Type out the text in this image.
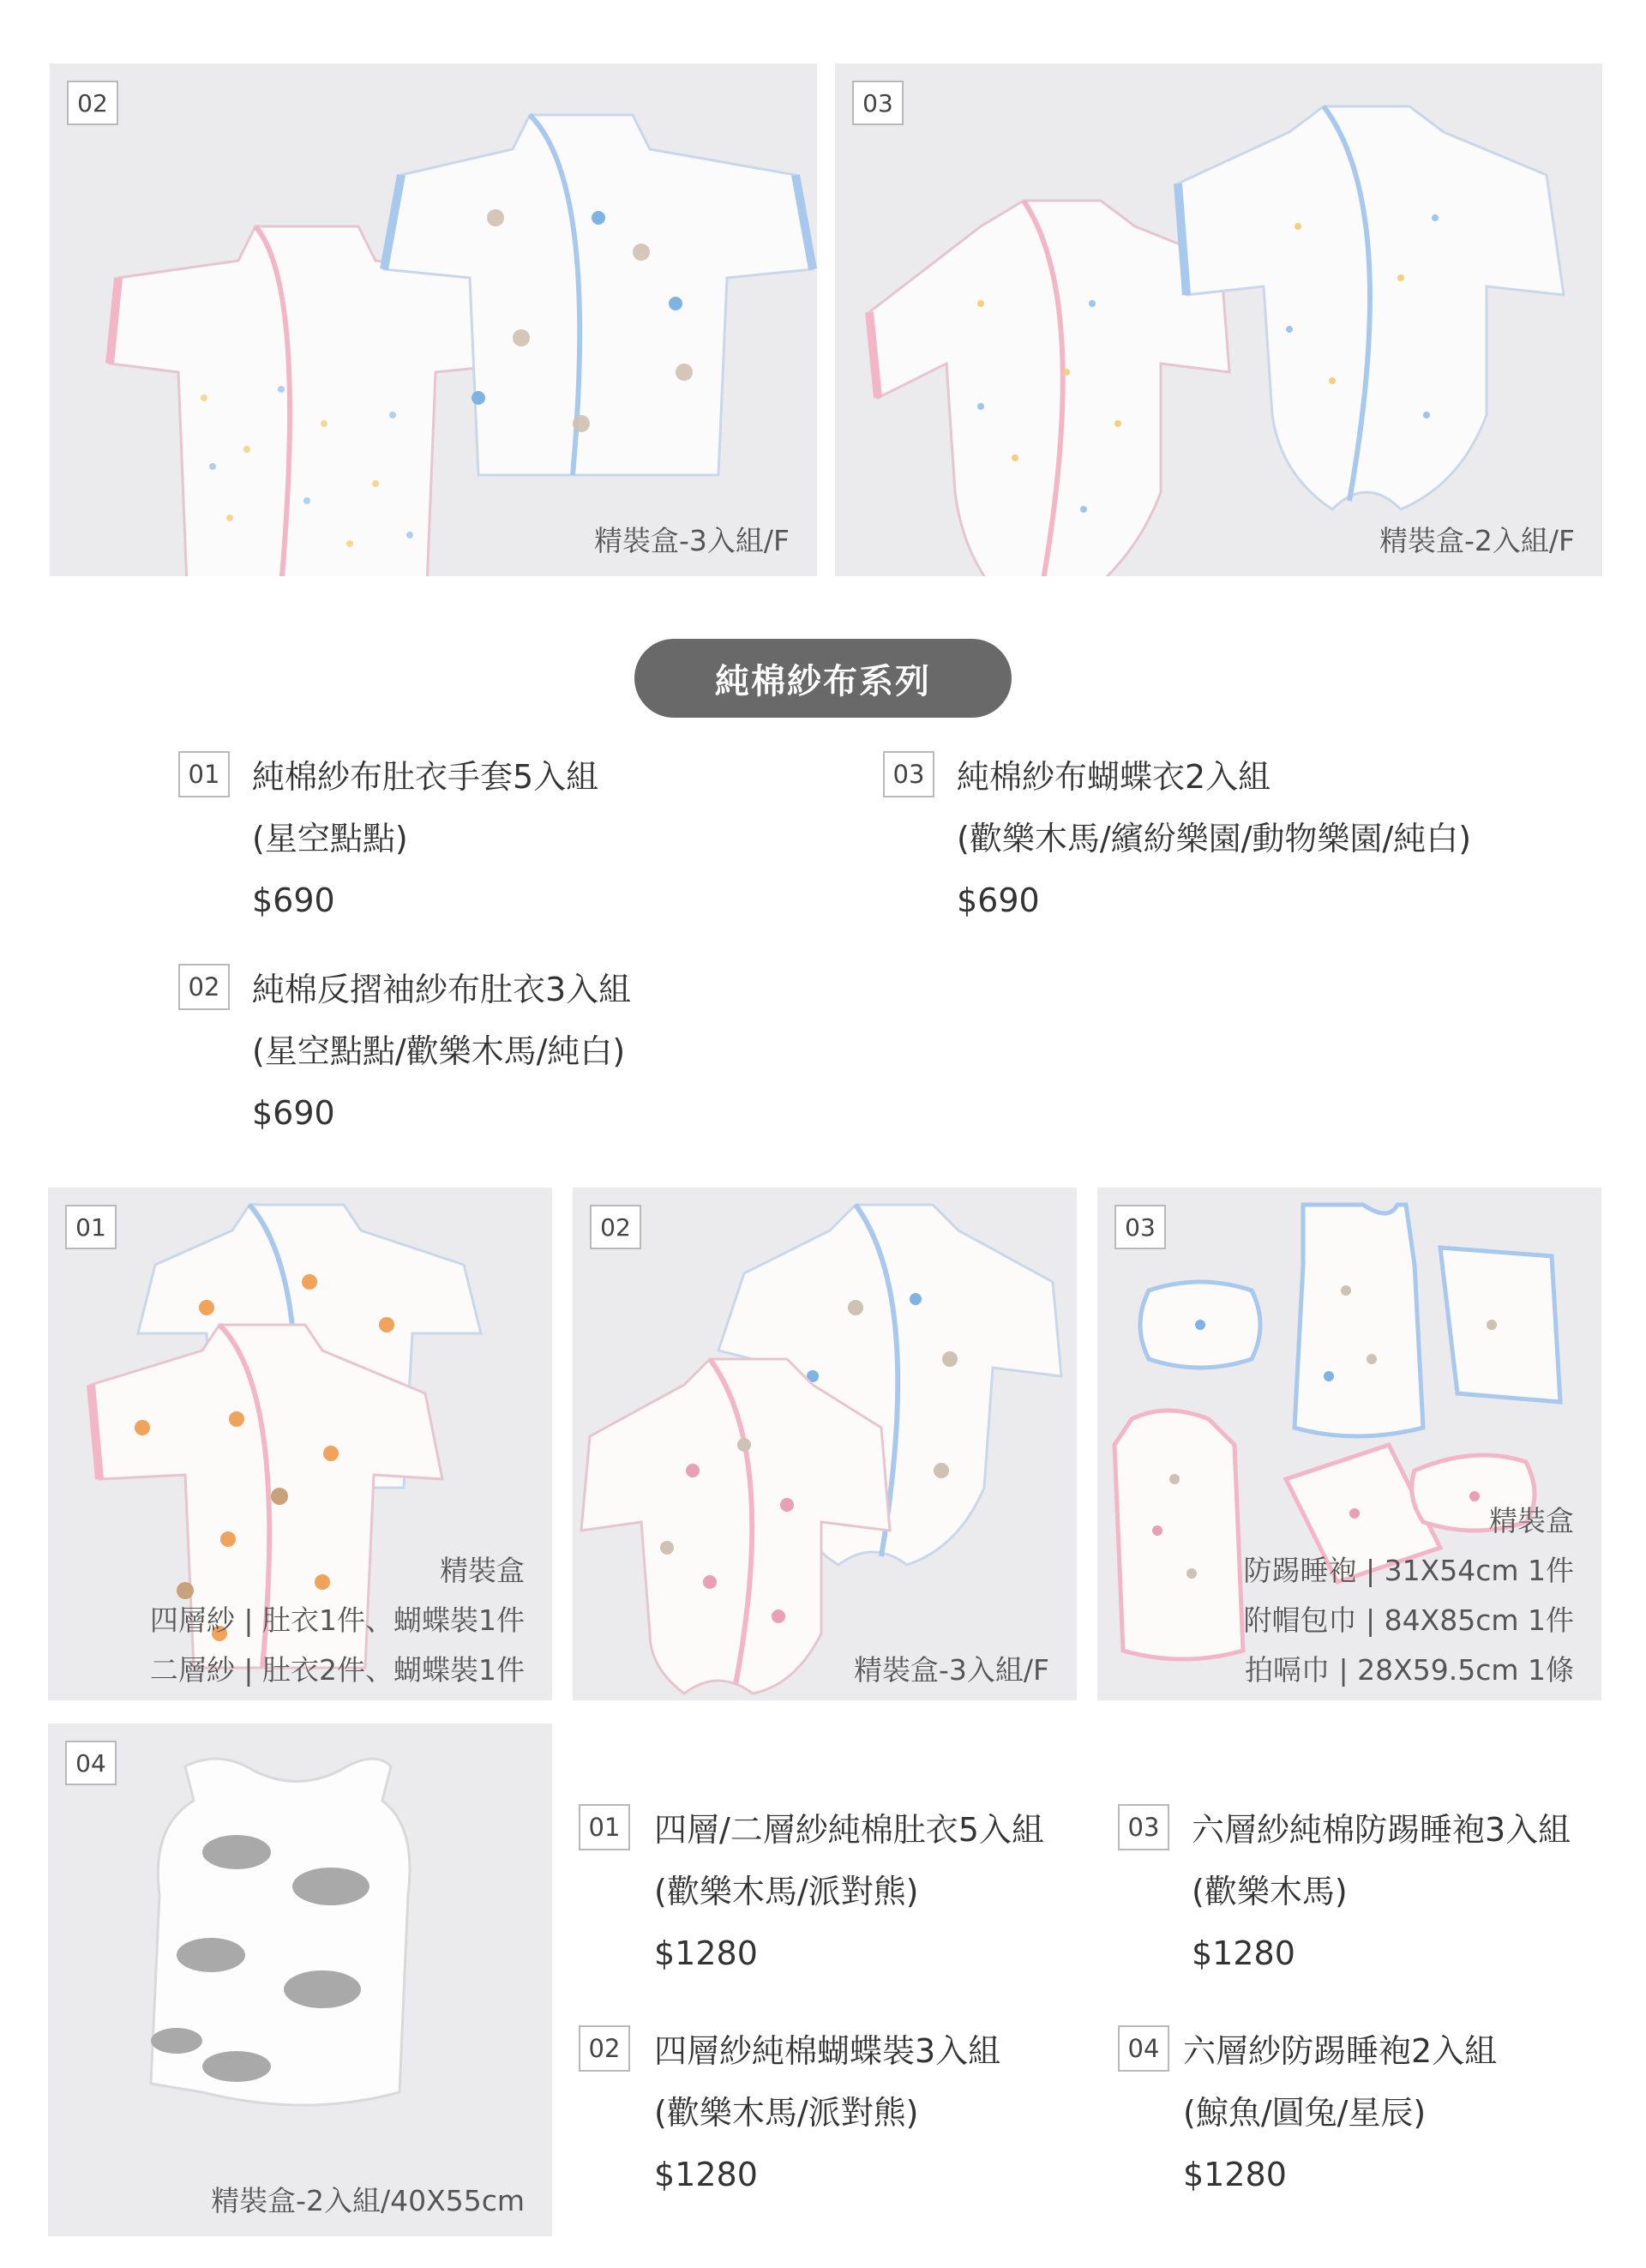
02
精裝盒-3入組/F
03
精裝盒-2入組/F
純棉紗布系列
01 純棉紗布肚衣手套5入組
(星空點點)
$690
02 純棉反摺袖紗布肚衣3入組
(星空點點/歡樂木馬/純白)
$690
03 純棉紗布蝴蝶衣2入組
(歡樂木馬/繽紛樂園/動物樂園/純白)
$690
01
精裝盒
四層紗 | 肚衣1件、蝴蝶裝1件
二層紗 | 肚衣2件、蝴蝶裝1件
02
精裝盒-3入組/F
03
精裝盒
防踢睡袍 | 31X54cm 1件
附帽包巾 | 84X85cm 1件
拍嗝巾 | 28X59.5cm 1條
04
精裝盒-2入組/40X55cm
01	四層/二層紗純棉肚衣5入組
(歡樂木馬/派對熊)
$1280
02	四層紗純棉蝴蝶裝3入組
(歡樂木馬/派對熊)
$1280
03 六層紗純棉防踢睡袍3入組
(歡樂木馬)
$1280
04 六層紗防踢睡袍2入組
(鯨魚/圓兔/星辰)
$1280
